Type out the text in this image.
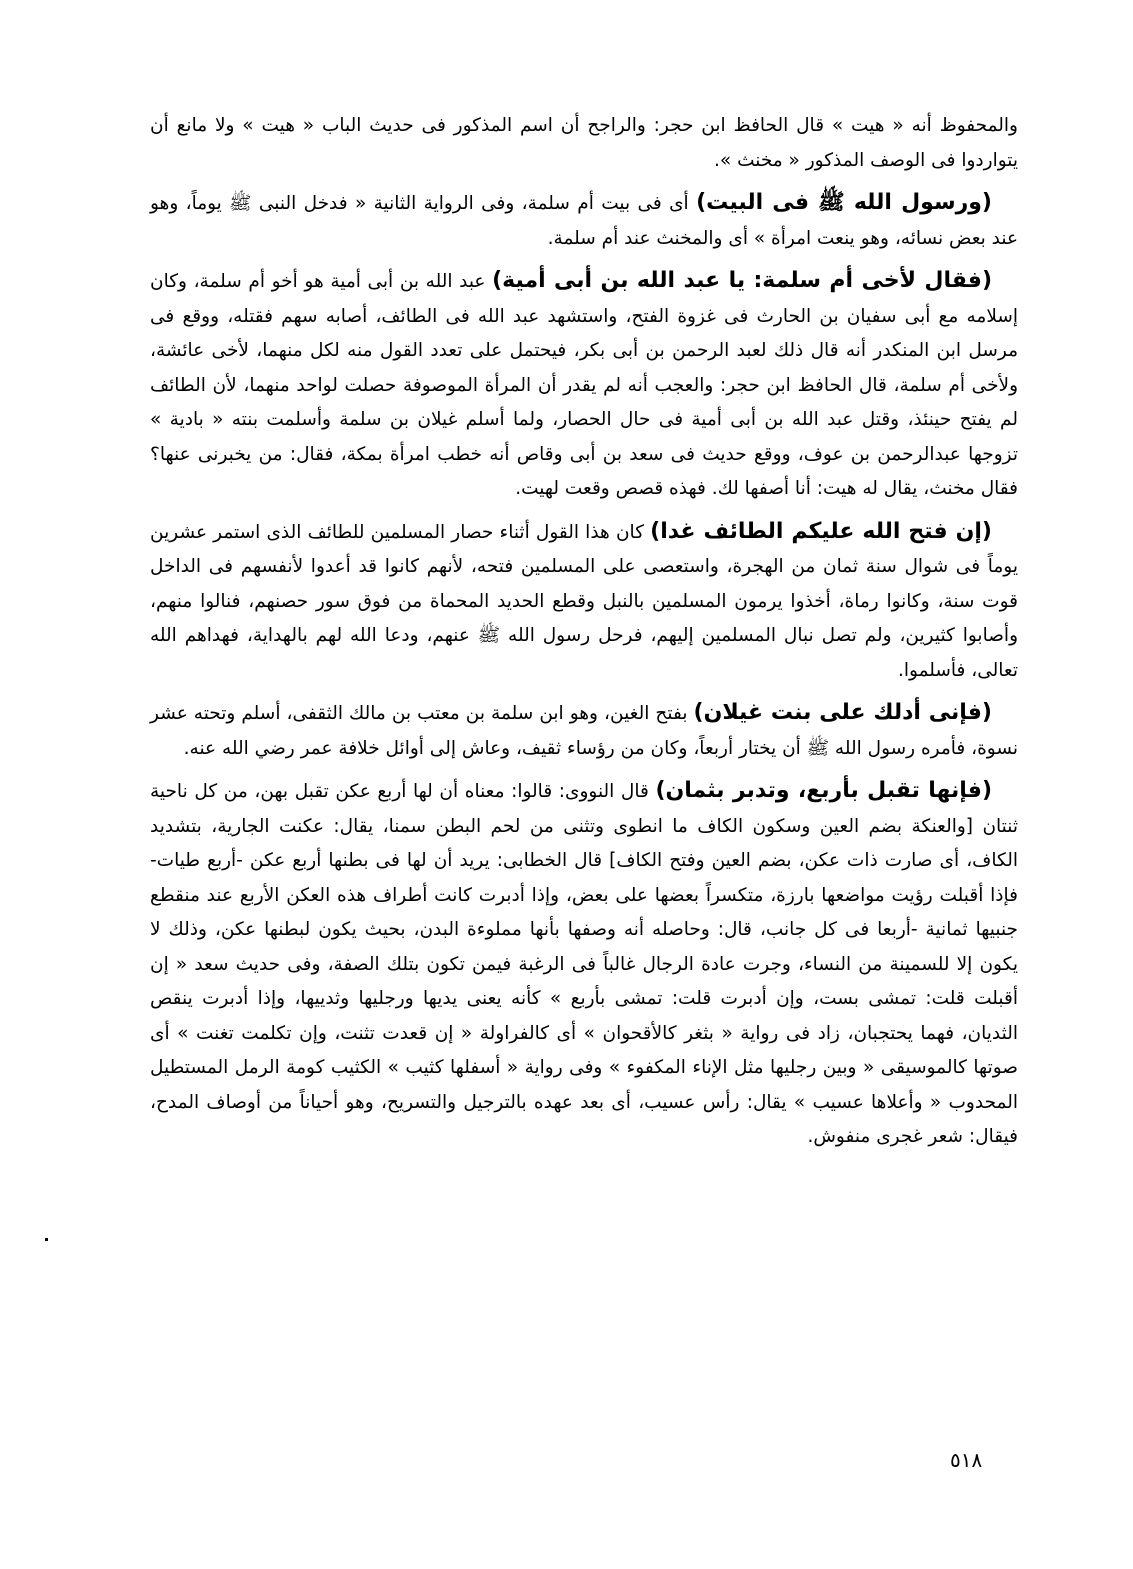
والمحفوظ أنه « هيت » قال الحافظ ابن حجر: والراجح أن اسم المذكور فى حديث الباب « هيت » ولا مانع أن يتواردوا فى الوصف المذكور « مخنث ».

(ورسول الله ﷺ فى البيت) أى فى بيت أم سلمة، وفى الرواية الثانية « فدخل النبى ﷺ يوماً، وهو عند بعض نسائه، وهو ينعت امرأة » أى والمخنث عند أم سلمة.

(فقال لأخى أم سلمة: يا عبد الله بن أبى أمية) عبد الله بن أبى أمية هو أخو أم سلمة، وكان إسلامه مع أبى سفيان بن الحارث فى غزوة الفتح، واستشهد عبد الله فى الطائف، أصابه سهم فقتله، ووقع فى مرسل ابن المنكدر أنه قال ذلك لعبد الرحمن بن أبى بكر، فيحتمل على تعدد القول منه لكل منهما، لأخى عائشة، ولأخى أم سلمة، قال الحافظ ابن حجر: والعجب أنه لم يقدر أن المرأة الموصوفة حصلت لواحد منهما، لأن الطائف لم يفتح حينئذ، وقتل عبد الله بن أبى أمية فى حال الحصار، ولما أسلم غيلان بن سلمة وأسلمت بنته « بادية » تزوجها عبدالرحمن بن عوف، ووقع حديث فى سعد بن أبى وقاص أنه خطب امرأة بمكة، فقال: من يخبرنى عنها؟ فقال مخنث، يقال له هيت: أنا أصفها لك. فهذه قصص وقعت لهيت.

(إن فتح الله عليكم الطائف غدا) كان هذا القول أثناء حصار المسلمين للطائف الذى استمر عشرين يوماً فى شوال سنة ثمان من الهجرة، واستعصى على المسلمين فتحه، لأنهم كانوا قد أعدوا لأنفسهم فى الداخل قوت سنة، وكانوا رماة، أخذوا يرمون المسلمين بالنبل وقطع الحديد المحماة من فوق سور حصنهم، فنالوا منهم، وأصابوا كثيرين، ولم تصل نبال المسلمين إليهم، فرحل رسول الله ﷺ عنهم، ودعا الله لهم بالهداية، فهداهم الله تعالى، فأسلموا.

(فإنى أدلك على بنت غيلان) بفتح الغين، وهو ابن سلمة بن معتب بن مالك الثقفى، أسلم وتحته عشر نسوة، فأمره رسول الله ﷺ أن يختار أربعاً، وكان من رؤساء ثقيف، وعاش إلى أوائل خلافة عمر رضي الله عنه.

(فإنها تقبل بأربع، وتدبر بثمان) قال النووى: قالوا: معناه أن لها أربع عكن تقبل بهن، من كل ناحية ثنتان [والعنكة بضم العين وسكون الكاف ما انطوى وتثنى من لحم البطن سمنا، يقال: عكنت الجارية، بتشديد الكاف، أى صارت ذات عكن، بضم العين وفتح الكاف] قال الخطابى: يريد أن لها فى بطنها أربع عكن -أربع طيات- فإذا أقبلت رؤيت مواضعها بارزة، متكسراً بعضها على بعض، وإذا أدبرت كانت أطراف هذه العكن الأربع عند منقطع جنبيها ثمانية -أربعا فى كل جانب، قال: وحاصله أنه وصفها بأنها مملوءة البدن، بحيث يكون لبطنها عكن، وذلك لا يكون إلا للسمينة من النساء، وجرت عادة الرجال غالباً فى الرغبة فيمن تكون بتلك الصفة، وفى حديث سعد « إن أقبلت قلت: تمشى بست، وإن أدبرت قلت: تمشى بأربع » كأنه يعنى يديها ورجليها وثدييها، وإذا أدبرت ينقص الثديان، فهما يحتجبان، زاد فى رواية « بثغر كالأقحوان » أى كالفراولة « إن قعدت تثنت، وإن تكلمت تغنت » أى صوتها كالموسيقى « وبين رجليها مثل الإناء المكفوء » وفى رواية « أسفلها كثيب » الكثيب كومة الرمل المستطيل المحدوب « وأعلاها عسيب » يقال: رأس عسيب، أى بعد عهده بالترجيل والتسريح، وهو أحياناً من أوصاف المدح، فيقال: شعر غجرى منفوش.

٥١٨
